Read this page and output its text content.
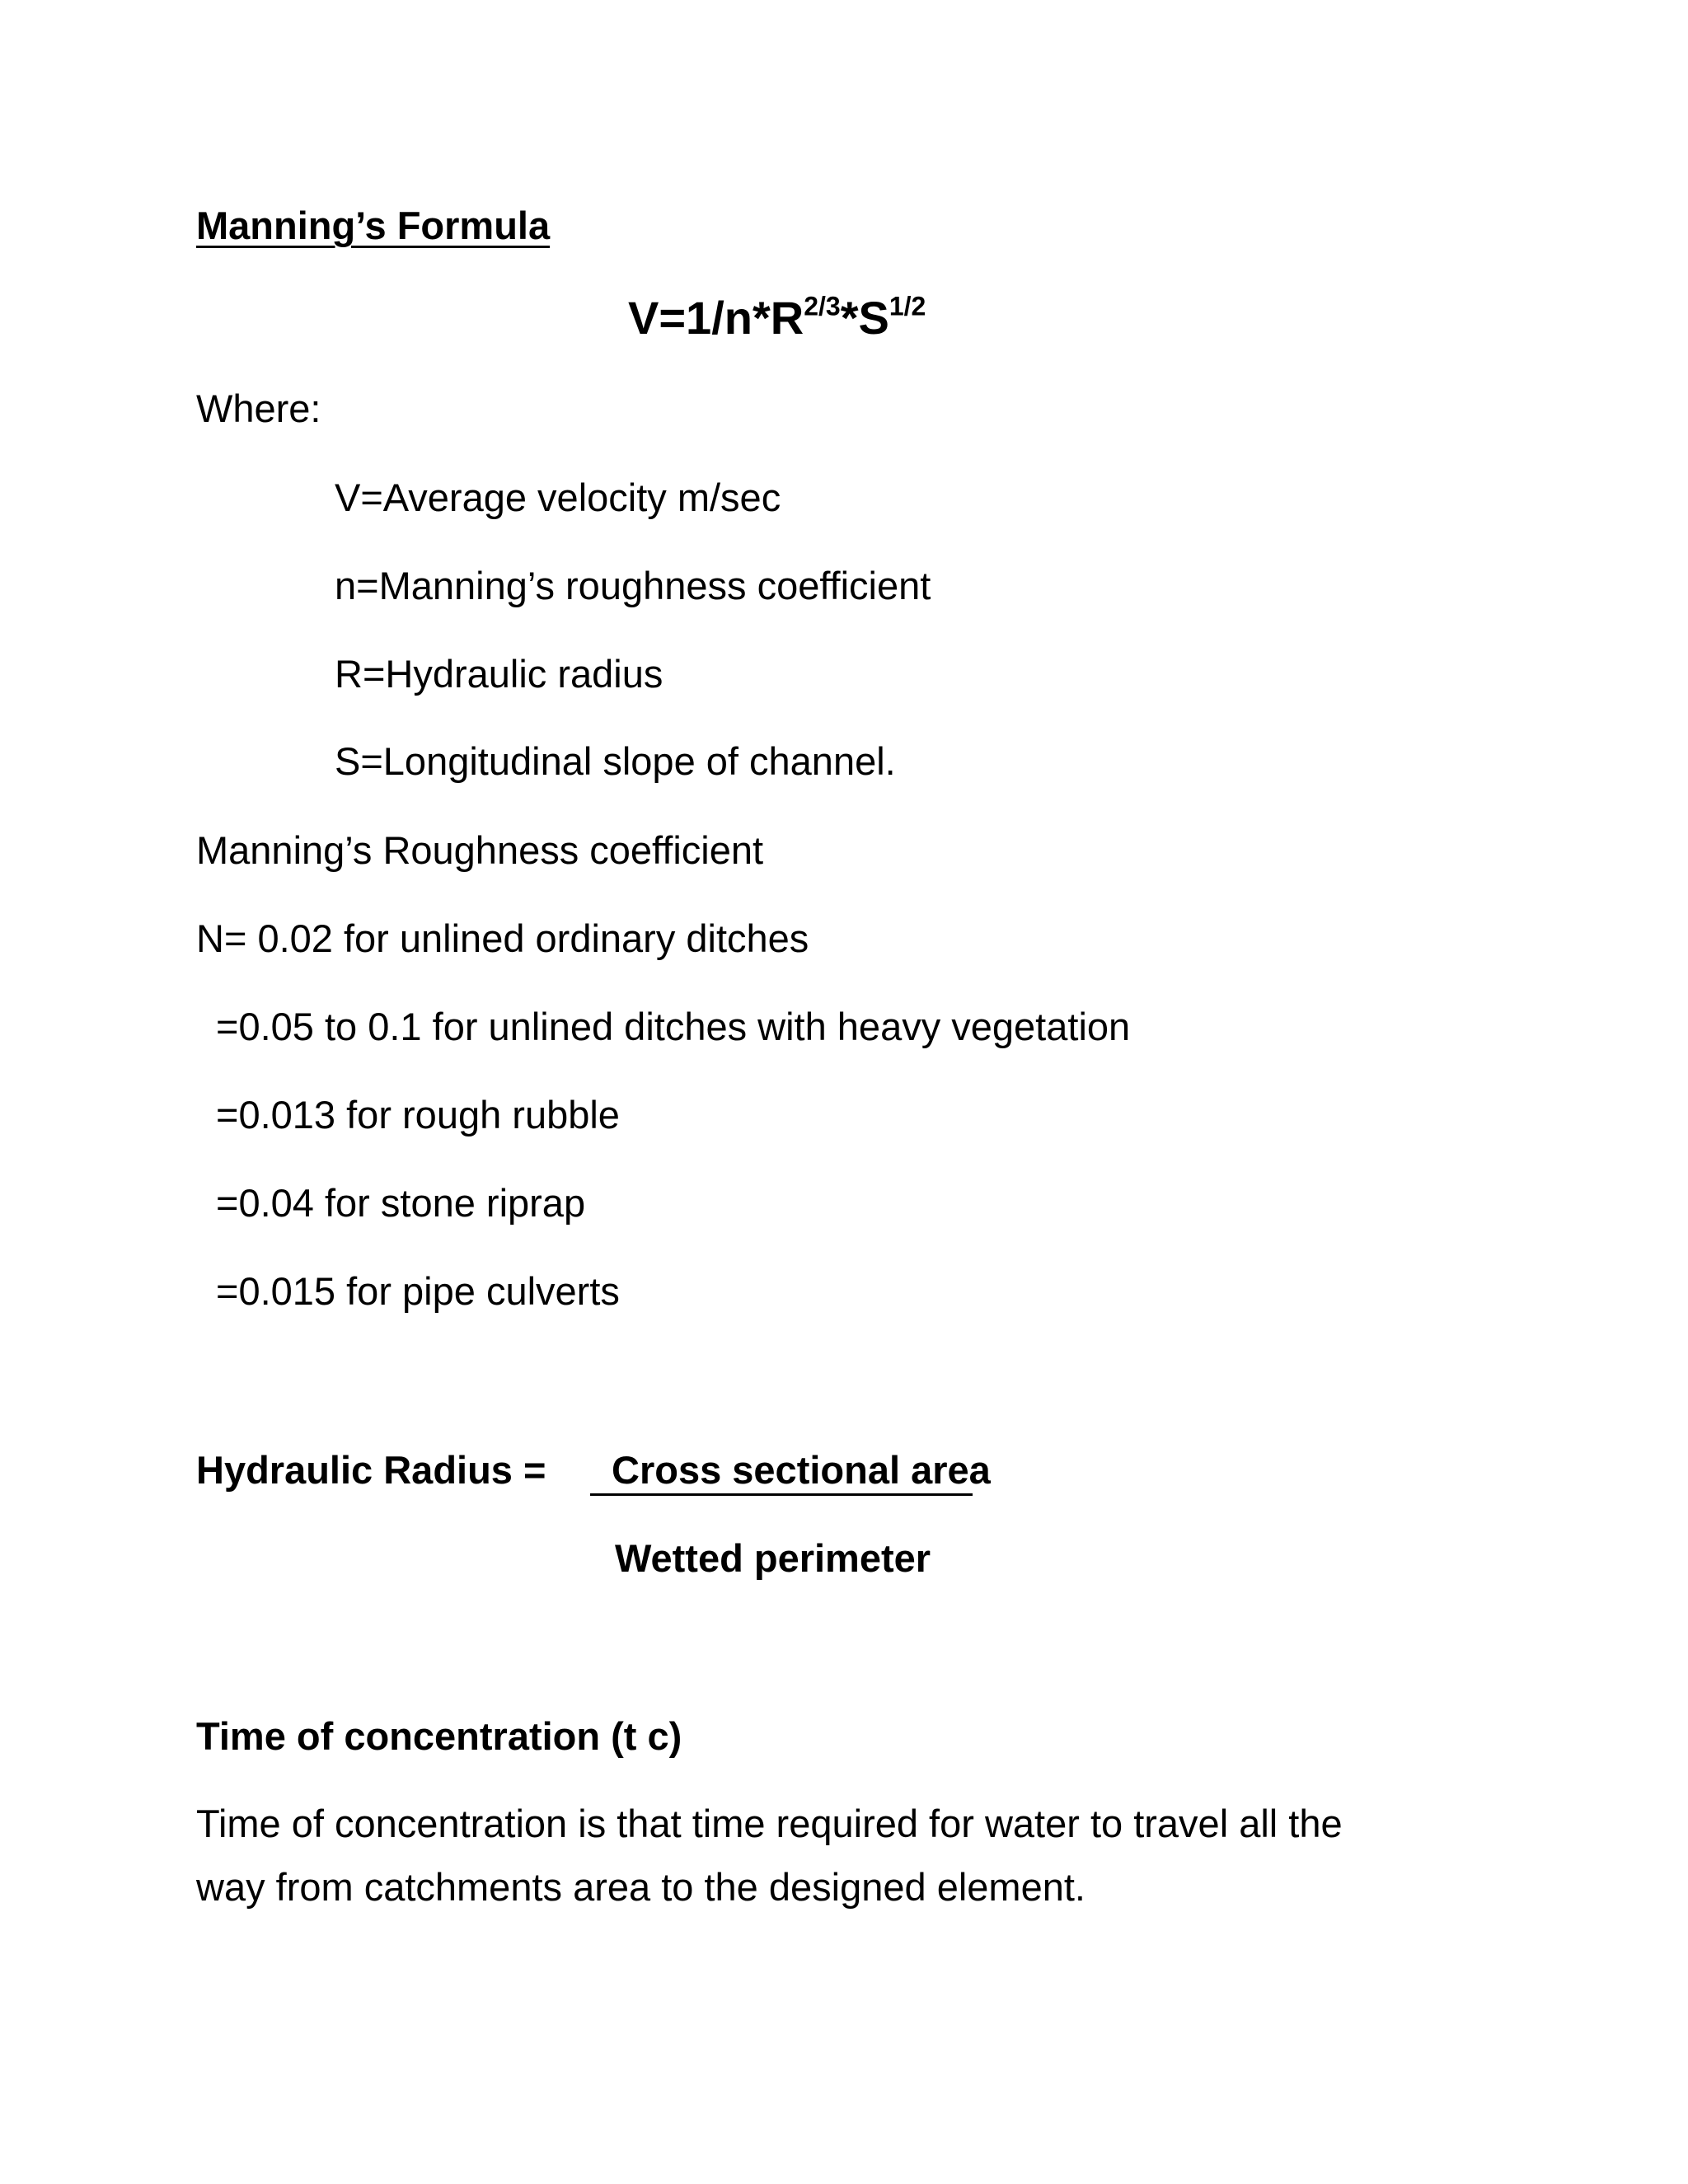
Manning’s Formula
$V=1/n*R^{2/3}*S^{1/2}$
Where:
V=Average velocity m/sec
n=Manning’s roughness coefficient
R=Hydraulic radius
S=Longitudinal slope of channel.
Manning’s Roughness coefficient
N= 0.02 for unlined ordinary ditches
=0.05 to 0.1 for unlined ditches with heavy vegetation
=0.013 for rough rubble
=0.04 for stone riprap
=0.015 for pipe culverts
Hydraulic Radius = Cross sectional area
Wetted perimeter
Time of concentration (t c)
Time of concentration is that time required for water to travel all the
way from catchments area to the designed element.
